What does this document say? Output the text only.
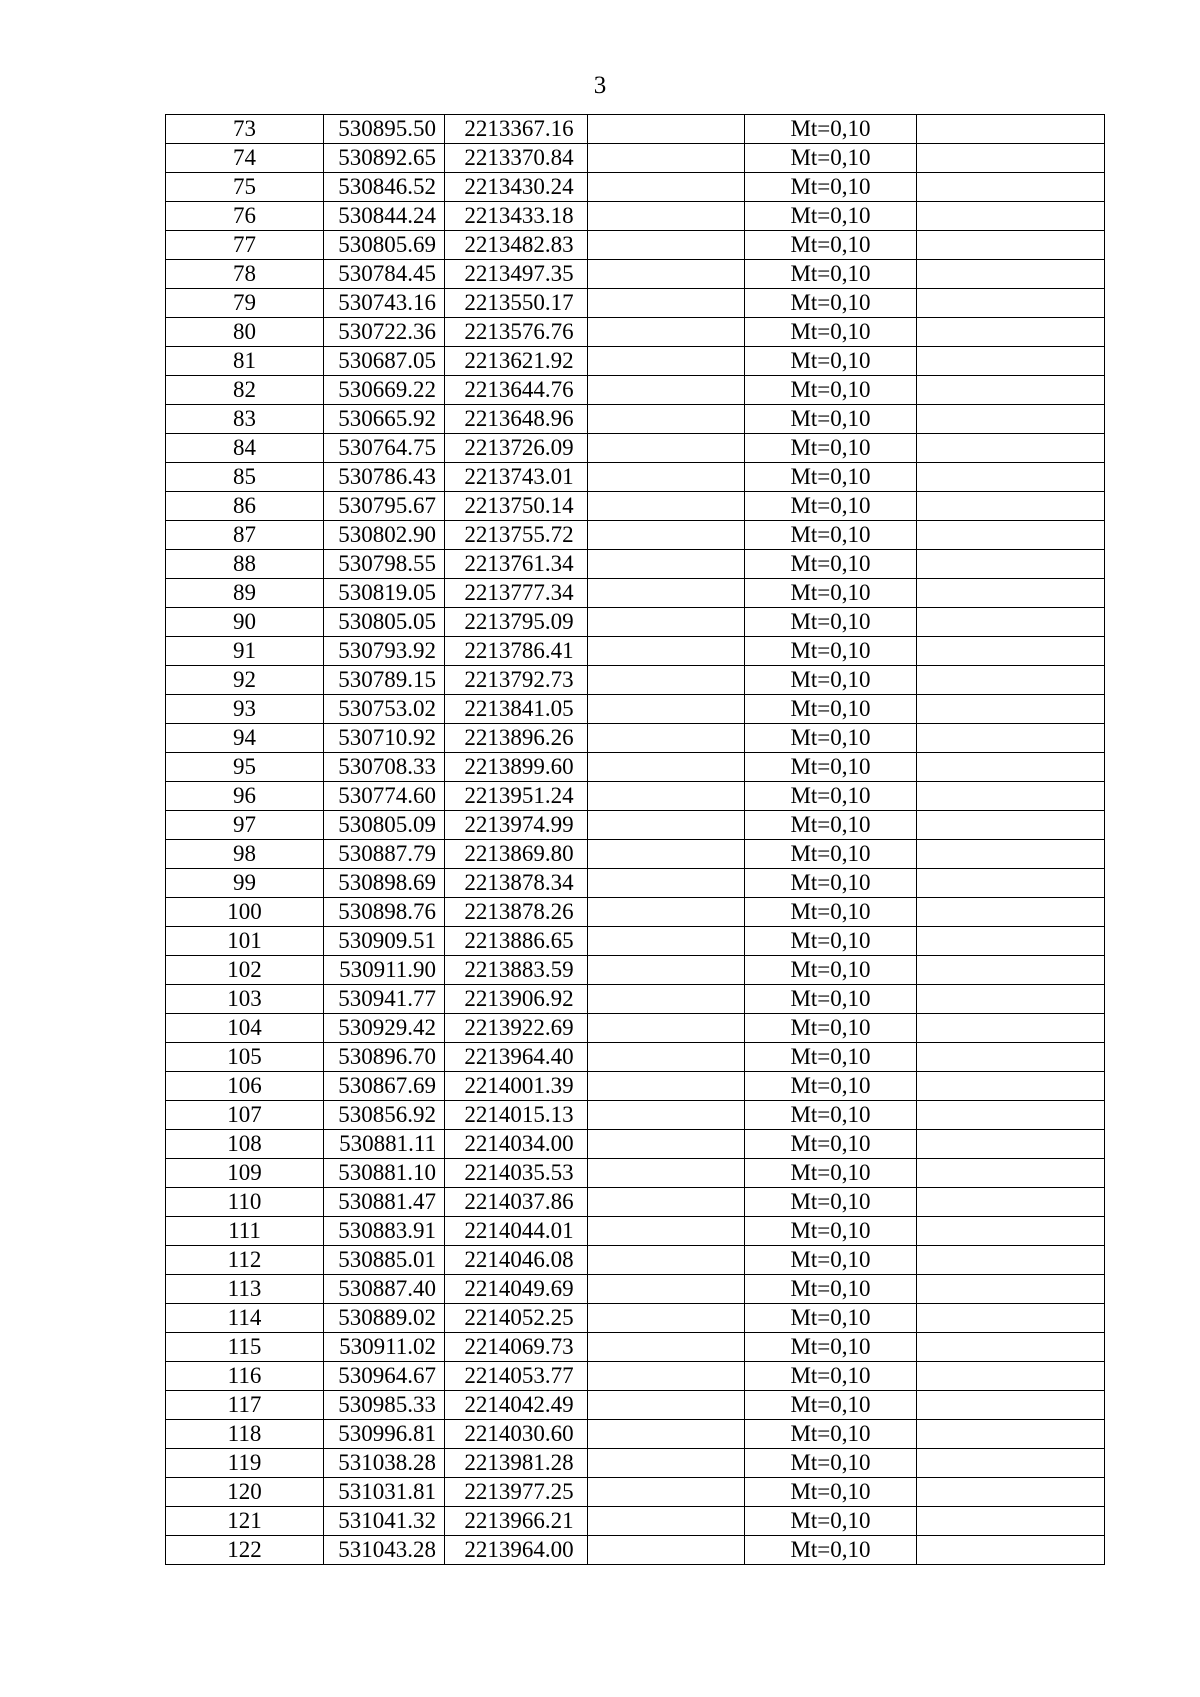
3
73	530895.50	2213367.16		Mt=0,10	
74	530892.65	2213370.84		Mt=0,10	
75	530846.52	2213430.24		Mt=0,10	
76	530844.24	2213433.18		Mt=0,10	
77	530805.69	2213482.83		Mt=0,10	
78	530784.45	2213497.35		Mt=0,10	
79	530743.16	2213550.17		Mt=0,10	
80	530722.36	2213576.76		Mt=0,10	
81	530687.05	2213621.92		Mt=0,10	
82	530669.22	2213644.76		Mt=0,10	
83	530665.92	2213648.96		Mt=0,10	
84	530764.75	2213726.09		Mt=0,10	
85	530786.43	2213743.01		Mt=0,10	
86	530795.67	2213750.14		Mt=0,10	
87	530802.90	2213755.72		Mt=0,10	
88	530798.55	2213761.34		Mt=0,10	
89	530819.05	2213777.34		Mt=0,10	
90	530805.05	2213795.09		Mt=0,10	
91	530793.92	2213786.41		Mt=0,10	
92	530789.15	2213792.73		Mt=0,10	
93	530753.02	2213841.05		Mt=0,10	
94	530710.92	2213896.26		Mt=0,10	
95	530708.33	2213899.60		Mt=0,10	
96	530774.60	2213951.24		Mt=0,10	
97	530805.09	2213974.99		Mt=0,10	
98	530887.79	2213869.80		Mt=0,10	
99	530898.69	2213878.34		Mt=0,10	
100	530898.76	2213878.26		Mt=0,10	
101	530909.51	2213886.65		Mt=0,10	
102	530911.90	2213883.59		Mt=0,10	
103	530941.77	2213906.92		Mt=0,10	
104	530929.42	2213922.69		Mt=0,10	
105	530896.70	2213964.40		Mt=0,10	
106	530867.69	2214001.39		Mt=0,10	
107	530856.92	2214015.13		Mt=0,10	
108	530881.11	2214034.00		Mt=0,10	
109	530881.10	2214035.53		Mt=0,10	
110	530881.47	2214037.86		Mt=0,10	
111	530883.91	2214044.01		Mt=0,10	
112	530885.01	2214046.08		Mt=0,10	
113	530887.40	2214049.69		Mt=0,10	
114	530889.02	2214052.25		Mt=0,10	
115	530911.02	2214069.73		Mt=0,10	
116	530964.67	2214053.77		Mt=0,10	
117	530985.33	2214042.49		Mt=0,10	
118	530996.81	2214030.60		Mt=0,10	
119	531038.28	2213981.28		Mt=0,10	
120	531031.81	2213977.25		Mt=0,10	
121	531041.32	2213966.21		Mt=0,10	
122	531043.28	2213964.00		Mt=0,10	
